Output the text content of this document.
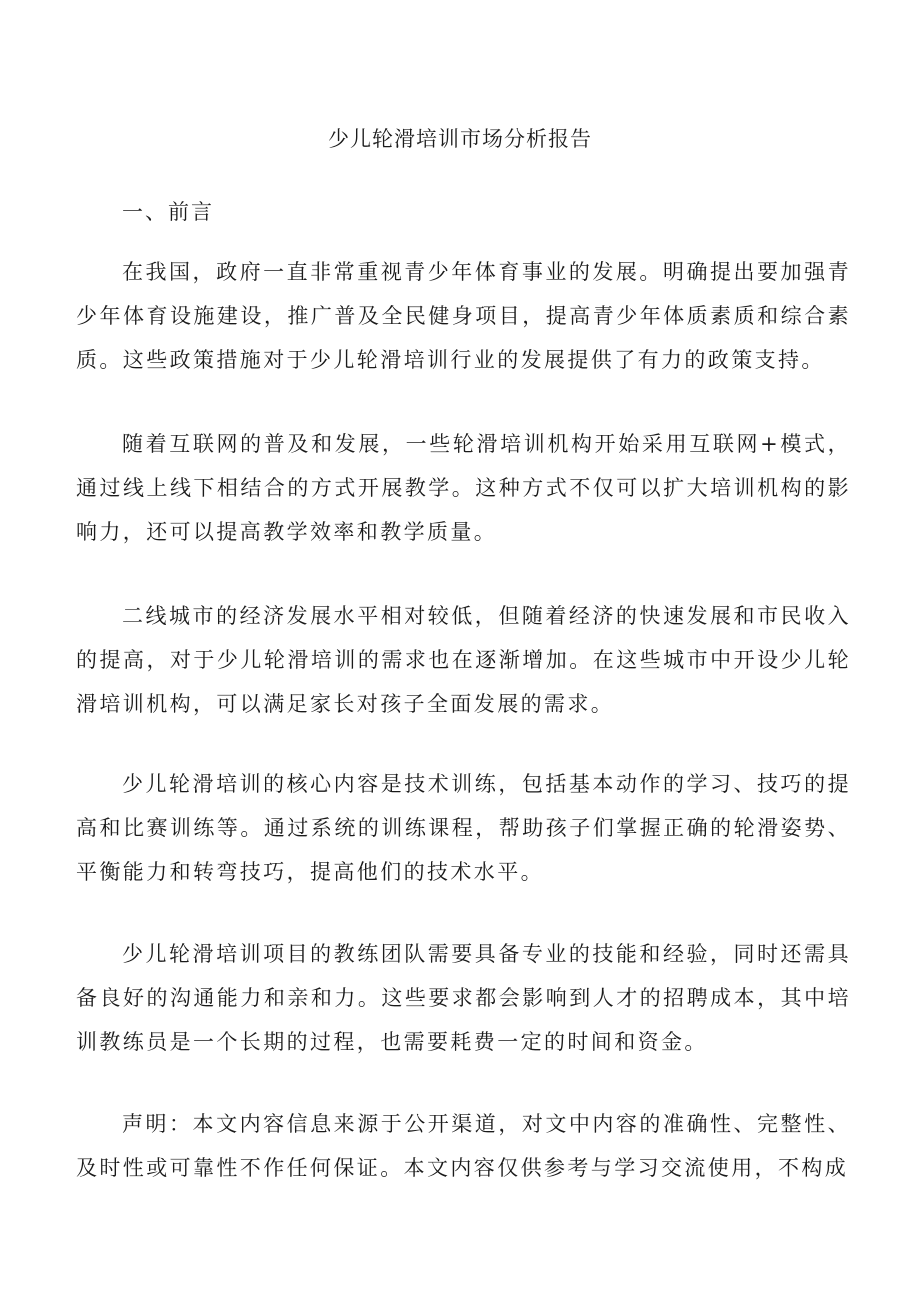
少儿轮滑培训市场分析报告
一、前言

在我国，政府一直非常重视青少年体育事业的发展。明确提出要加强青少年体育设施建设，推广普及全民健身项目，提高青少年体质素质和综合素质。这些政策措施对于少儿轮滑培训行业的发展提供了有力的政策支持。

随着互联网的普及和发展，一些轮滑培训机构开始采用互联网+模式，通过线上线下相结合的方式开展教学。这种方式不仅可以扩大培训机构的影响力，还可以提高教学效率和教学质量。

二线城市的经济发展水平相对较低，但随着经济的快速发展和市民收入的提高，对于少儿轮滑培训的需求也在逐渐增加。在这些城市中开设少儿轮滑培训机构，可以满足家长对孩子全面发展的需求。

少儿轮滑培训的核心内容是技术训练，包括基本动作的学习、技巧的提高和比赛训练等。通过系统的训练课程，帮助孩子们掌握正确的轮滑姿势、平衡能力和转弯技巧，提高他们的技术水平。

少儿轮滑培训项目的教练团队需要具备专业的技能和经验，同时还需具备良好的沟通能力和亲和力。这些要求都会影响到人才的招聘成本，其中培训教练员是一个长期的过程，也需要耗费一定的时间和资金。

声明：本文内容信息来源于公开渠道，对文中内容的准确性、完整性、及时性或可靠性不作任何保证。本文内容仅供参考与学习交流使用，不构成
